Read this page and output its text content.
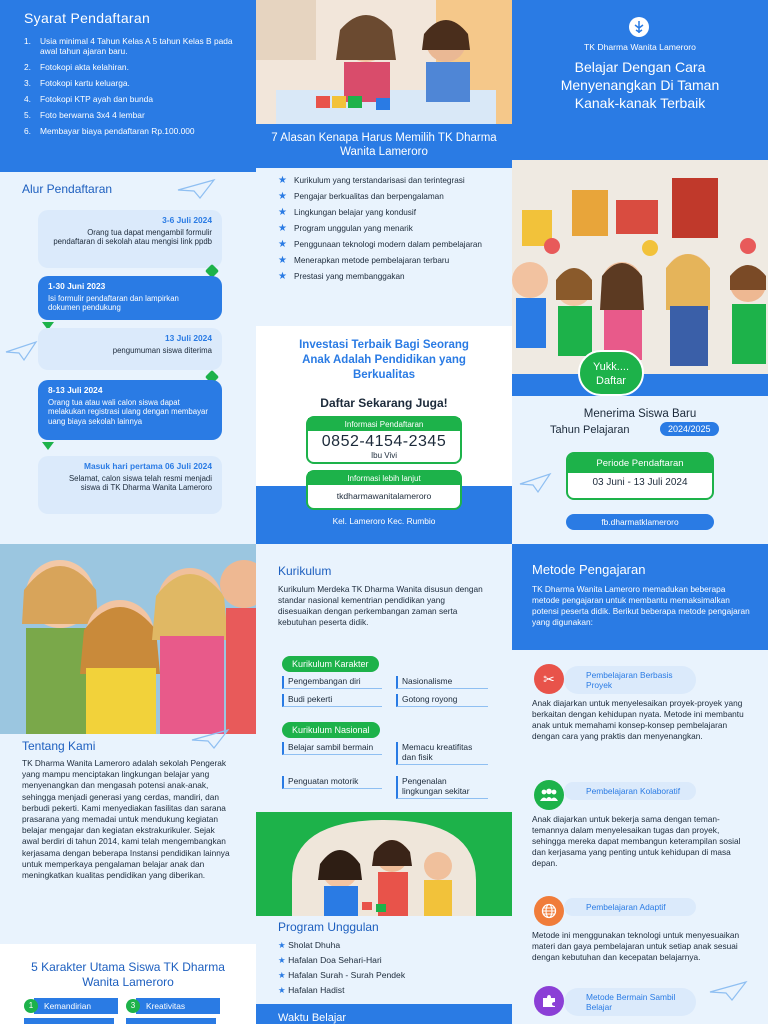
Syarat Pendaftaran
1.	Usia minimal 4 Tahun Kelas A 5 tahun Kelas B pada awal tahun ajaran baru.
2.	Fotokopi akta kelahiran.
3.	Fotokopi kartu keluarga.
4.	Fotokopi KTP ayah dan bunda
5.	Foto berwarna 3x4 4 lembar
6.	Membayar biaya pendaftaran Rp.100.000
Alur Pendaftaran
3-6 Juli 2024
Orang tua dapat mengambil formulir pendaftaran di sekolah atau mengisi link ppdb
1-30 Juni 2023
Isi formulir pendaftaran dan lampirkan dokumen pendukung
13 Juli 2024
pengumuman siswa diterima
8-13 Juli 2024
Orang tua atau wali calon siswa dapat melakukan registrasi ulang dengan membayar uang biaya sekolah lainnya
Masuk hari pertama 06 Juli 2024
Selamat, calon siswa telah resmi menjadi siswa di TK Dharma Wanita Lameroro
7 Alasan Kenapa Harus Memilih TK Dharma Wanita Lameroro
★ Kurikulum yang terstandarisasi dan terintegrasi
★ Pengajar berkualitas dan berpengalaman
★ Lingkungan belajar yang kondusif
★ Program unggulan yang menarik
★ Penggunaan teknologi modern dalam pembelajaran
★ Menerapkan metode pembelajaran terbaru
★ Prestasi yang membanggakan
Investasi Terbaik Bagi Seorang Anak Adalah Pendidikan yang Berkualitas
Daftar Sekarang Juga!
Informasi Pendaftaran
0852-4154-2345
Ibu Vivi
Informasi lebih lanjut
tkdharmawanitalameroro
Kel. Lameroro Kec. Rumbio
TK Dharma Wanita Lameroro
Belajar Dengan Cara Menyenangkan Di Taman Kanak-kanak Terbaik
Yukk.... Daftar
Menerima Siswa Baru
Tahun Pelajaran	2024/2025
Periode Pendaftaran
03 Juni - 13 Juli 2024
fb.dharmatklameroro
Tentang Kami
TK Dharma Wanita Lameroro adalah sekolah Pengerak yang mampu menciptakan lingkungan belajar yang menyenangkan dan mengasah potensi anak-anak, sehingga menjadi generasi yang cerdas, mandiri, dan berbudi pekerti. Kami menyediakan fasilitas dan sarana prasarana yang memadai untuk mendukung kegiatan belajar mengajar dan kegiatan ekstrakurikuler. Sejak awal berdiri di tahun 2014, kami telah mengembangkan kerjasama dengan beberapa Instansi pendidikan lainnya untuk memperkaya pengalaman belajar anak dan meningkatkan kualitas pendidikan yang diberikan.
5 Karakter Utama Siswa TK Dharma Wanita Lameroro
1	Kemandirian	3	Kreativitas
Kurikulum
Kurikulum Merdeka TK Dharma Wanita disusun dengan standar nasional kementrian pendidikan yang disesuaikan dengan perkembangan zaman serta kebutuhan peserta didik.
Kurikulum Karakter
Pengembangan diri	Nasionalisme
Budi pekerti	Gotong royong
Kurikulum Nasional
Belajar sambil bermain	Memacu kreatifitas dan fisik
Penguatan motorik	Pengenalan lingkungan sekitar
Program Unggulan
★ Sholat Dhuha
★ Hafalan Doa Sehari-Hari
★ Hafalan Surah - Surah Pendek
★ Hafalan Hadist
Waktu Belajar
Metode Pengajaran
TK Dharma Wanita Lameroro memadukan beberapa metode pengajaran untuk membantu memaksimalkan potensi peserta didik. Berikut beberapa metode pengajaran yang digunakan:
Pembelajaran Berbasis Proyek
✂
Anak diajarkan untuk menyelesaikan proyek-proyek yang berkaitan dengan kehidupan nyata. Metode ini membantu anak untuk memahami konsep-konsep pembelajaran dengan cara yang praktis dan menyenangkan.
Pembelajaran Kolaboratif
Anak diajarkan untuk bekerja sama dengan teman-temannya dalam menyelesaikan tugas dan proyek, sehingga mereka dapat membangun keterampilan sosial dan kerjasama yang penting untuk kehidupan di masa depan.
Pembelajaran Adaptif
Metode ini menggunakan teknologi untuk menyesuaikan materi dan gaya pembelajaran untuk setiap anak sesuai dengan kebutuhan dan kecepatan belajarnya.
Metode Bermain Sambil Belajar
